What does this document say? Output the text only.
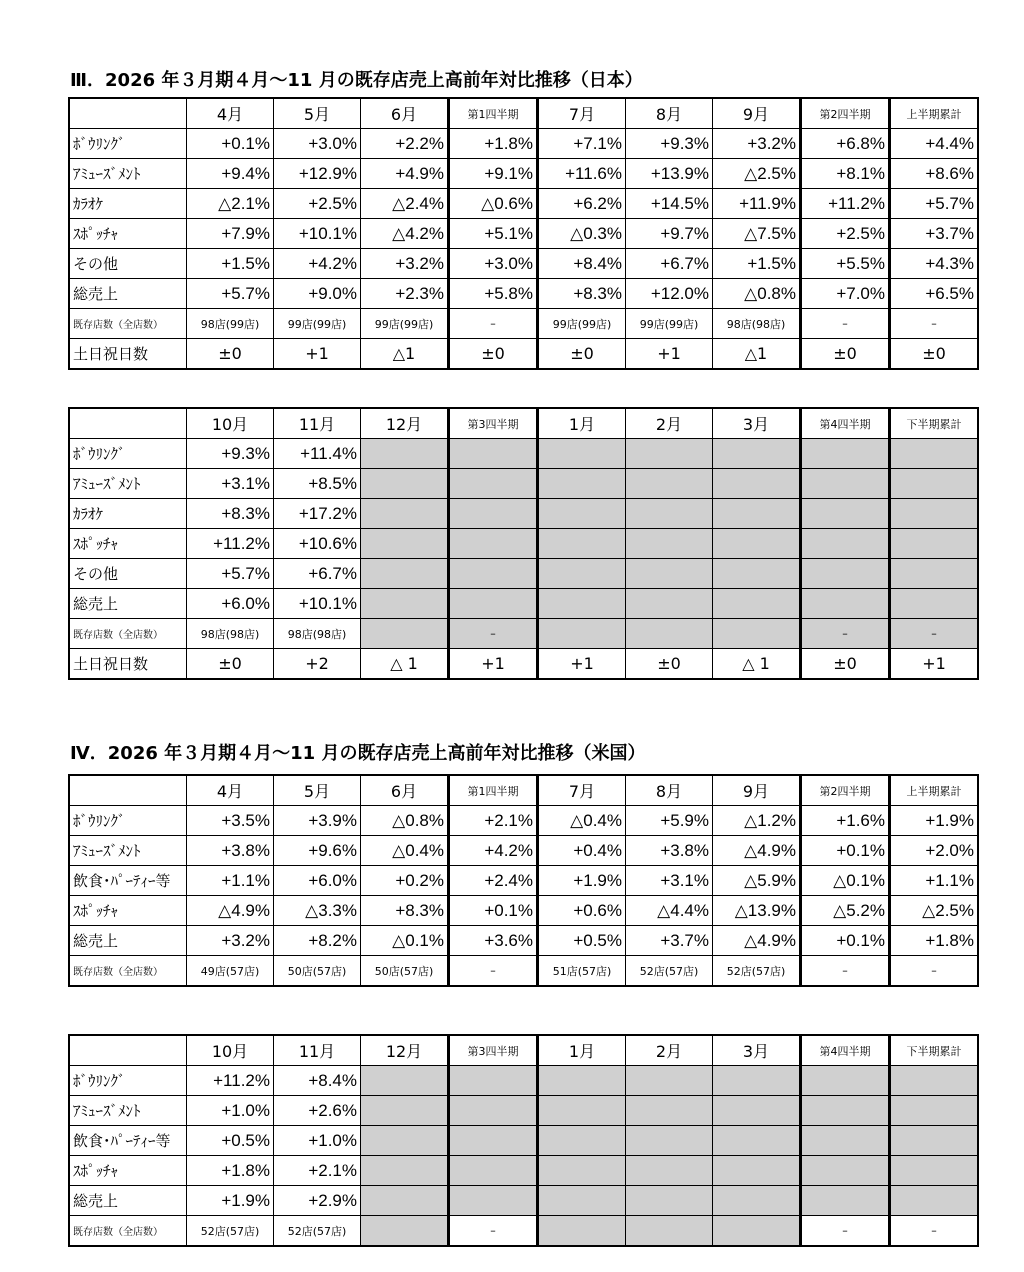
Ⅲ．2026 年３月期４月～11 月の既存店売上高前年対比推移（日本）
	4月	5月	6月	第1四半期	7月	8月	9月	第2四半期	上半期累計
ﾎﾞｳﾘﾝｸﾞ	+0.1%	+3.0%	+2.2%	+1.8%	+7.1%	+9.3%	+3.2%	+6.8%	+4.4%
ｱﾐｭｰｽﾞﾒﾝﾄ	+9.4%	+12.9%	+4.9%	+9.1%	+11.6%	+13.9%	△2.5%	+8.1%	+8.6%
ｶﾗｵｹ	△2.1%	+2.5%	△2.4%	△0.6%	+6.2%	+14.5%	+11.9%	+11.2%	+5.7%
ｽﾎﾟｯﾁｬ	+7.9%	+10.1%	△4.2%	+5.1%	△0.3%	+9.7%	△7.5%	+2.5%	+3.7%
その他	+1.5%	+4.2%	+3.2%	+3.0%	+8.4%	+6.7%	+1.5%	+5.5%	+4.3%
総売上	+5.7%	+9.0%	+2.3%	+5.8%	+8.3%	+12.0%	△0.8%	+7.0%	+6.5%
既存店数（全店数）	98店(99店)	99店(99店)	99店(99店)	–	99店(99店)	99店(99店)	98店(98店)	–	–
土日祝日数	±0	+1	△1	±0	±0	+1	△1	±0	±0
	10月	11月	12月	第3四半期	1月	2月	3月	第4四半期	下半期累計
ﾎﾞｳﾘﾝｸﾞ	+9.3%	+11.4%							
ｱﾐｭｰｽﾞﾒﾝﾄ	+3.1%	+8.5%							
ｶﾗｵｹ	+8.3%	+17.2%							
ｽﾎﾟｯﾁｬ	+11.2%	+10.6%							
その他	+5.7%	+6.7%							
総売上	+6.0%	+10.1%							
既存店数（全店数）	98店(98店)	98店(98店)		–				–	–
土日祝日数	±0	+2	△ 1	+1	+1	±0	△ 1	±0	+1
Ⅳ．2026 年３月期４月～11 月の既存店売上高前年対比推移（米国）
	4月	5月	6月	第1四半期	7月	8月	9月	第2四半期	上半期累計
ﾎﾞｳﾘﾝｸﾞ	+3.5%	+3.9%	△0.8%	+2.1%	△0.4%	+5.9%	△1.2%	+1.6%	+1.9%
ｱﾐｭｰｽﾞﾒﾝﾄ	+3.8%	+9.6%	△0.4%	+4.2%	+0.4%	+3.8%	△4.9%	+0.1%	+2.0%
飲食･ﾊﾟｰﾃｨｰ等	+1.1%	+6.0%	+0.2%	+2.4%	+1.9%	+3.1%	△5.9%	△0.1%	+1.1%
ｽﾎﾟｯﾁｬ	△4.9%	△3.3%	+8.3%	+0.1%	+0.6%	△4.4%	△13.9%	△5.2%	△2.5%
総売上	+3.2%	+8.2%	△0.1%	+3.6%	+0.5%	+3.7%	△4.9%	+0.1%	+1.8%
既存店数（全店数）	49店(57店)	50店(57店)	50店(57店)	–	51店(57店)	52店(57店)	52店(57店)	–	–
	10月	11月	12月	第3四半期	1月	2月	3月	第4四半期	下半期累計
ﾎﾞｳﾘﾝｸﾞ	+11.2%	+8.4%							
ｱﾐｭｰｽﾞﾒﾝﾄ	+1.0%	+2.6%							
飲食･ﾊﾟｰﾃｨｰ等	+0.5%	+1.0%							
ｽﾎﾟｯﾁｬ	+1.8%	+2.1%							
総売上	+1.9%	+2.9%							
既存店数（全店数）	52店(57店)	52店(57店)		–				–	–
